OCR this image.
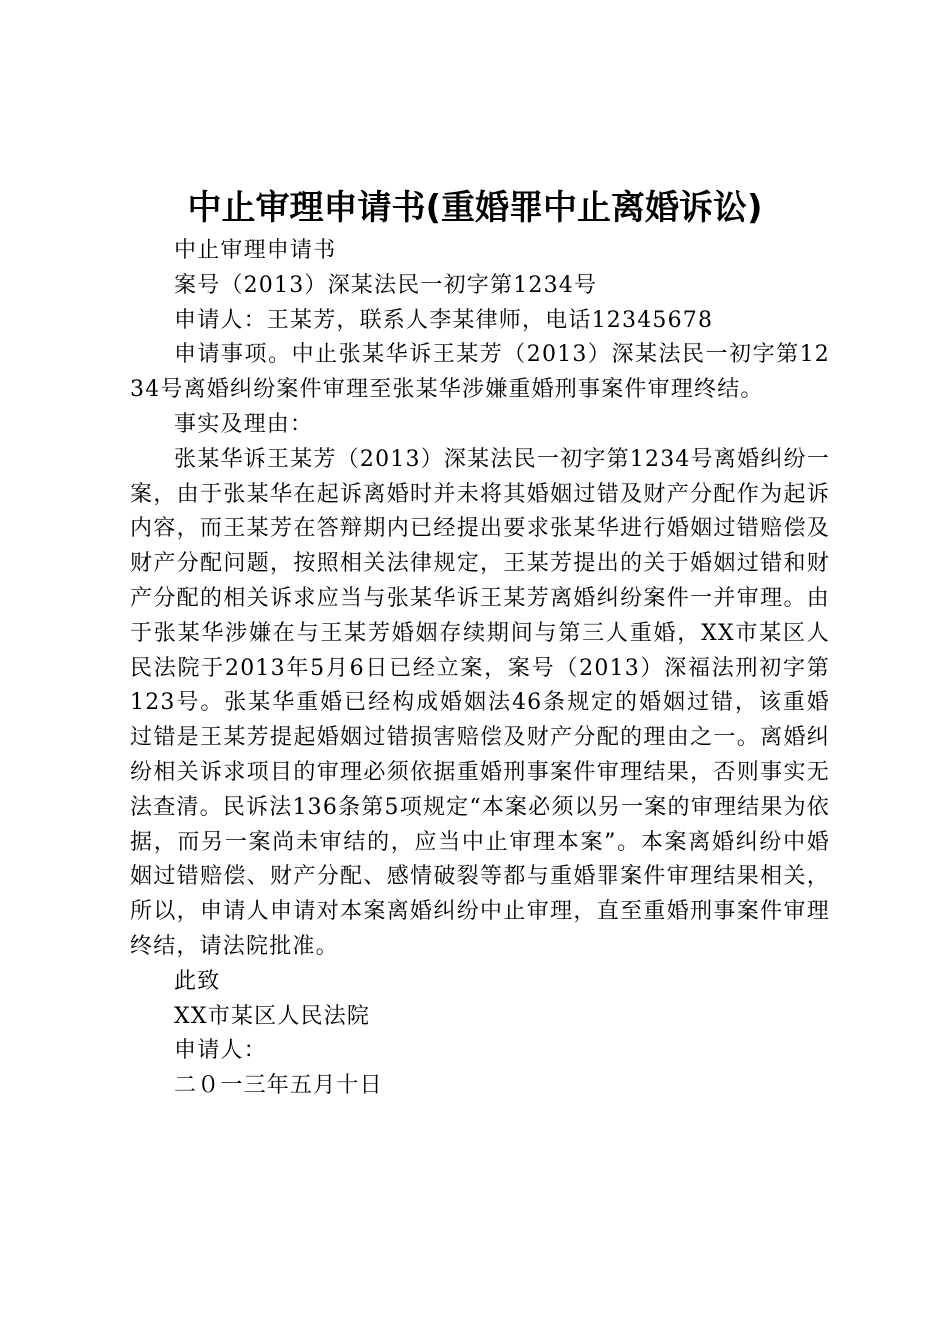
中止审理申请书(重婚罪中止离婚诉讼)

中止审理申请书

案号（2013）深某法民一初字第1234号

申请人：王某芳，联系人李某律师，电话12345678

申请事项。中止张某华诉王某芳（2013）深某法民一初字第1234号离婚纠纷案件审理至张某华涉嫌重婚刑事案件审理终结。

事实及理由：

张某华诉王某芳（2013）深某法民一初字第1234号离婚纠纷一案，由于张某华在起诉离婚时并未将其婚姻过错及财产分配作为起诉内容，而王某芳在答辩期内已经提出要求张某华进行婚姻过错赔偿及财产分配问题，按照相关法律规定，王某芳提出的关于婚姻过错和财产分配的相关诉求应当与张某华诉王某芳离婚纠纷案件一并审理。由于张某华涉嫌在与王某芳婚姻存续期间与第三人重婚，XX市某区人民法院于2013年5月6日已经立案，案号（2013）深福法刑初字第123号。张某华重婚已经构成婚姻法46条规定的婚姻过错，该重婚过错是王某芳提起婚姻过错损害赔偿及财产分配的理由之一。离婚纠纷相关诉求项目的审理必须依据重婚刑事案件审理结果，否则事实无法查清。民诉法136条第5项规定“本案必须以另一案的审理结果为依据，而另一案尚未审结的，应当中止审理本案”。本案离婚纠纷中婚姻过错赔偿、财产分配、感情破裂等都与重婚罪案件审理结果相关，所以，申请人申请对本案离婚纠纷中止审理，直至重婚刑事案件审理终结，请法院批准。

此致

XX市某区人民法院

申请人：

二０一三年五月十日
